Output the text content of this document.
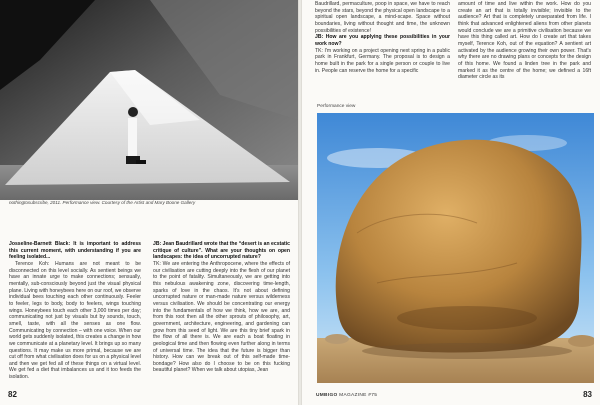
nothingtosubscribe, 2011. Performance view. Courtesy of the Artist and Mary Boone Gallery

Josseline-Barnett Black: It is important to address this current moment, with understanding if you are feeling isolated...

Terence Koh: Humans are not meant to be disconnected on this level socially. As sentient beings we have an innate urge to make connections; sensually, mentally, sub-consciously beyond just the visual physical plane. Living with honeybees here on our roof, we observe individual bees touching each other continuously. Feeler to feeler, legs to body, body to feelers, wings touching wings. Honeybees touch each other 3,000 times per day; communicating not just by visuals but by sounds, touch, smell, taste, with all the senses as one flow. Communicating by connection – with one voice. When our world gets suddenly isolated, this creates a change in how we communicate at a planetary level. It brings up so many questions. It may make us more primal, because we are cut off from what civilisation does for us on a physical level and then we get fed all of these things on a virtual level. We get fed a diet that imbalances us and it too feeds the isolation.

JB: Jean Baudrillard wrote that the “desert is an ecstatic critique of culture”. What are your thoughts on open landscapes: the idea of uncorrupted nature?

TK: We are entering the Anthropocene, where the effects of our civilisation are cutting deeply into the flesh of our planet to the point of fatality. Simultaneously, we are getting into this nebulous awakening zone, discovering time-length, sparks of love in the chaos. It's not about defining uncorrupted nature or man-made nature versus wilderness versus civilisation. We should be concentrating our energy into the fundamentals of how we think, how we are, and from this root then all the other sprouts of philosophy, art, government, architecture, engineering, and gardening can grow from this seed of light. We are this tiny brief spark in the flow of all there is. We are each a boat floating in geological time and then flowing even further along in terms of universal time. The idea that the future is bigger than history. How can we break out of this self-made time-bondage? How also do I choose to be on this fucking beautiful planet? When we talk about utopias, Jean

82

Baudrillard, permaculture, poop in space, we have to reach beyond the stars, beyond the physical open landscape to a spiritual open landscape, a mind-scape. Space without boundaries, living without thought and time, the unknown possibilities of existence!

JB: How are you applying these possibilities in your work now?

TK: I'm working on a project opening next spring in a public park in Frankfurt, Germany. The proposal is to design a home built in the park for a single person or couple to live in. People can reserve the home for a specific

amount of time and live within the work. How do you create an art that is totally invisible; invisible to the audience? Art that is completely unseparated from life. I think that advanced enlightened aliens from other planets would conclude we are a primitive civilisation because we have this thing called art. How do I create art that takes myself, Terence Koh, out of the equation? A sentient art activated by the audience growing their own power. That's why there are no drawing plans or concepts for the design of this home. We found a linden tree in the park and marked it as the centre of the home; we defined a 16ft diameter circle as its

Performance view
UMBIGO MAGAZINE #75	83
